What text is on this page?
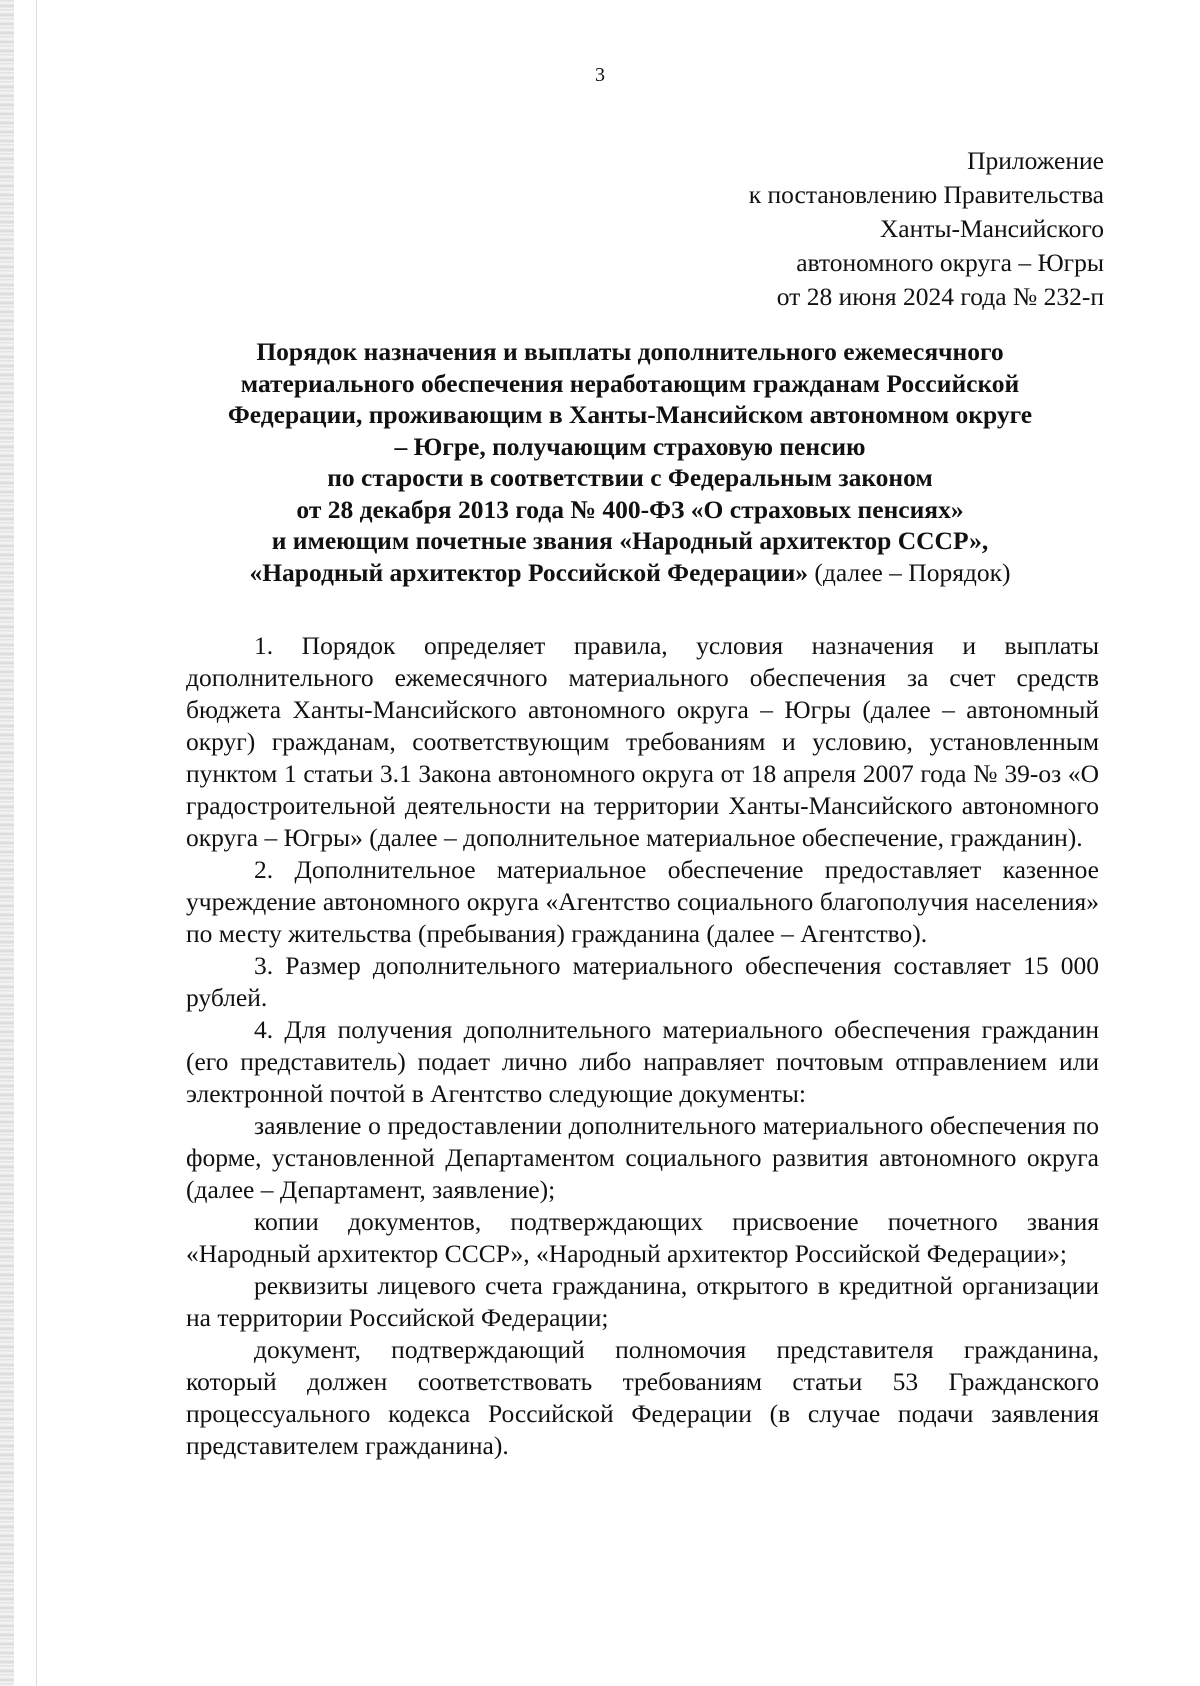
3
Приложение
к постановлению Правительства
Ханты-Мансийского
автономного округа – Югры
от 28 июня 2024 года № 232-п
Порядок назначения и выплаты дополнительного ежемесячного
материального обеспечения неработающим гражданам Российской
Федерации, проживающим в Ханты-Мансийском автономном округе
– Югре, получающим страховую пенсию
по старости в соответствии с Федеральным законом
от 28 декабря 2013 года № 400-ФЗ «О страховых пенсиях»
и имеющим почетные звания «Народный архитектор СССР»,
«Народный архитектор Российской Федерации» (далее – Порядок)

1. Порядок определяет правила, условия назначения и выплаты дополнительного ежемесячного материального обеспечения за счет средств бюджета Ханты-Мансийского автономного округа – Югры (далее – автономный округ) гражданам, соответствующим требованиям и условию, установленным пунктом 1 статьи 3.1 Закона автономного округа от 18 апреля 2007 года № 39-оз «О градостроительной деятельности на территории Ханты-Мансийского автономного округа – Югры» (далее – дополнительное материальное обеспечение, гражданин).

2. Дополнительное материальное обеспечение предоставляет казенное учреждение автономного округа «Агентство социального благополучия населения» по месту жительства (пребывания) гражданина (далее – Агентство).

3. Размер дополнительного материального обеспечения составляет 15 000 рублей.

4. Для получения дополнительного материального обеспечения гражданин (его представитель) подает лично либо направляет почтовым отправлением или электронной почтой в Агентство следующие документы:

заявление о предоставлении дополнительного материального обеспечения по форме, установленной Департаментом социального развития автономного округа (далее – Департамент, заявление);

копии документов, подтверждающих присвоение почетного звания «Народный архитектор СССР», «Народный архитектор Российской Федерации»;

реквизиты лицевого счета гражданина, открытого в кредитной организации на территории Российской Федерации;

документ, подтверждающий полномочия представителя гражданина, который должен соответствовать требованиям статьи 53 Гражданского процессуального кодекса Российской Федерации (в случае подачи заявления представителем гражданина).
